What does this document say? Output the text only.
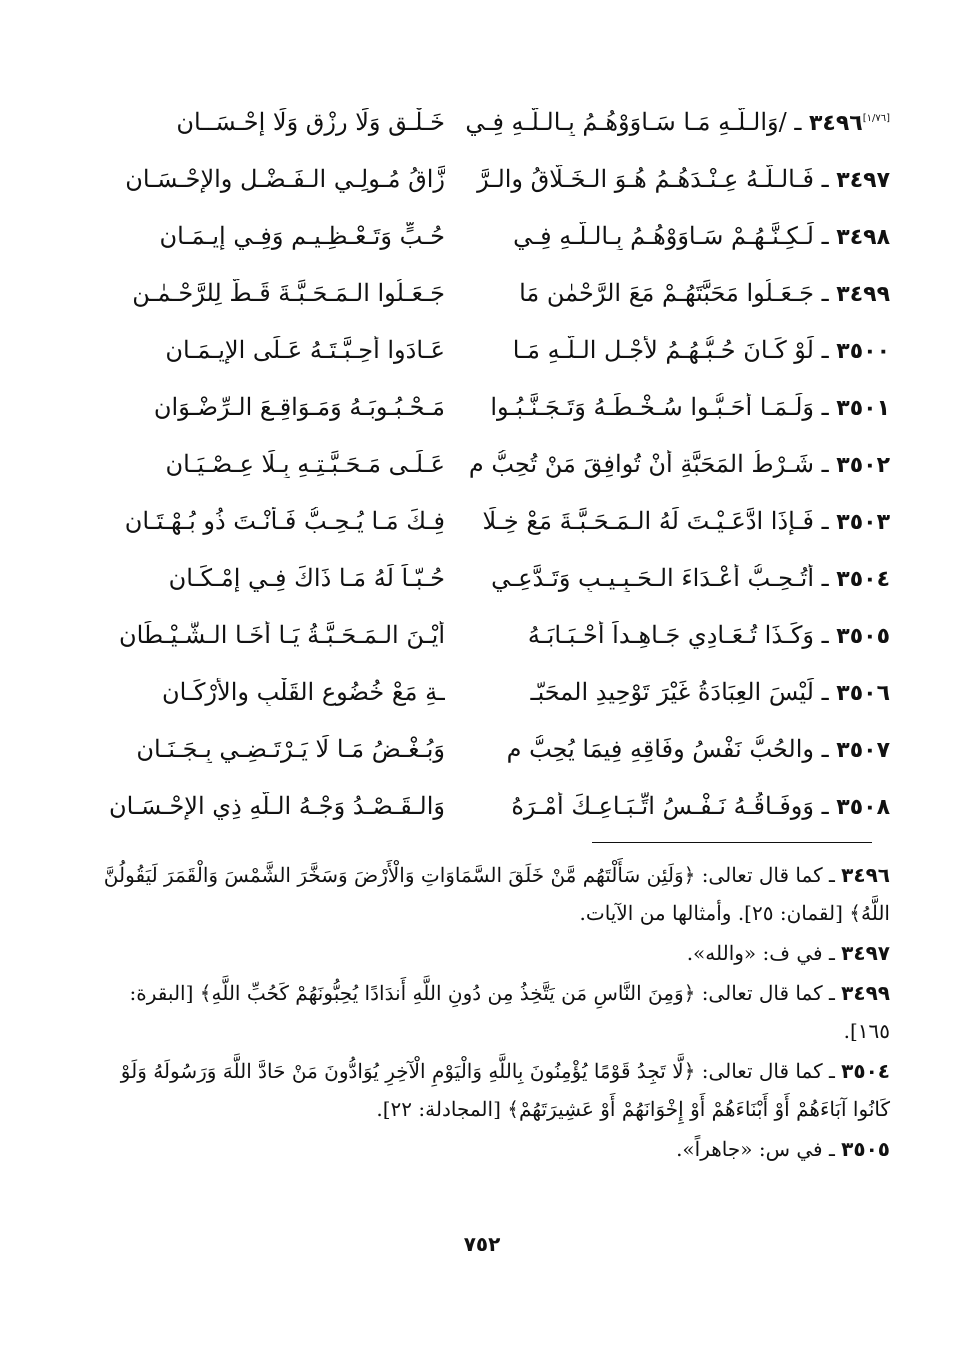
[١/٧٦]٣٤٩٦ ـ /وَالـلَّـهِ مَـا سَـاوَوْهُـمُ بِـالـلَّـهِ فِـي
خَـلْـقٍ وَلَا رِزْقٍ وَلَا إِحْـسَــانِ
٣٤٩٧ ـ فَـالـلَّـهُ عِـنْـدَهُـمُ هُـوَ الـخَـلَّاقُ والـرَّ
زَّاقُ مُـولِـي الـفَـضْـلِ والإِحْـسَـانِ
٣٤٩٨ ـ لَـكِـنَّـهُـمْ سَـاوَوْهُـمُ بِـالـلَّـهِ فِـي
حُـبٍّ وَتَـعْـظِـيـمٍ وَفِـي إِيـمَـانِ
٣٤٩٩ ـ جَـعَـلُوا مَحَبَّتَهُـمْ مَعَ الرَّحْمٰنِ مَا
جَـعَـلُوا الـمَـحَـبَّـةَ قَـطُّ لِلرَّحْـمٰـنِ
٣٥٠٠ ـ لَوْ كَـانَ حُـبُّـهُـمُ لأَجْـلِ الـلَّـهِ مَـا
عَـادَوا أَحِـبَّـتَـهُ عَـلَى الإِيـمَـانِ
٣٥٠١ ـ وَلَـمَـا أَحَـبُّـوا سُـخْـطَـهُ وَتَـجَـنَّـبُـوا
مَـحْـبُـوبَـهُ وَمَـوَاقِـعَ الـرِّضْـوَانِ
٣٥٠٢ ـ شَـرْطُ المَحَبَّةِ أَنْ تُوافِقَ مَنْ تُحِبُّ م
عَـلَـى مَـحَـبَّـتِـهِ بِـلَا عِـصْـيَـانِ
٣٥٠٣ ـ فَـإِذَا ادَّعَـيْـتَ لَهُ الـمَـحَـبَّـةَ مَعْ خِـلَا
فِـكَ مَـا يُـحِـبُّ فَـأَنْـتَ ذُو بُـهْـتَـانِ
٣٥٠٤ ـ أَتُـحِـبُّ أَعْـدَاءَ الـحَـبِـيـبِ وَتَـدَّعِـي
حُـبّـاً لَهُ مَـا ذَاكَ فِـي إِمْـكَـانِ
٣٥٠٥ ـ وَكَـذَا تُـعَـادِي جَـاهِـداً أَحْـبَـابَـهُ
أَيْـنَ الـمَـحَـبَّـةُ يَـا أَخَـا الـشَّـيْـطَانِ
٣٥٠٦ ـ لَيْسَ العِبَادَةُ غَيْرَ تَوْحِيدِ المحَبّـ
ـةِ مَعْ خُضُوعِ القَلْبِ والأَرْكَـانِ
٣٥٠٧ ـ والحُبُّ نَفْسُ وِفَاقِهِ فِيمَا يُحِبُّ م
وَبُـغْـضُ مَـا لَا يَـرْتَـضِـي بِـجَـنَـانِ
٣٥٠٨ ـ وَوِفَـاقُـهُ نَـفْـسُ اتِّـبَـاعِـكَ أَمْـرَهُ
وَالـقَـصْـدُ وَجْـهُ الـلَّهِ ذِي الإِحْـسَـانِ

٣٤٩٦ ـ كما قال تعالى: ﴿وَلَئِن سَأَلْتَهُم مَّنْ خَلَقَ السَّمَاوَاتِ وَالْأَرْضَ وَسَخَّرَ الشَّمْسَ وَالْقَمَرَ لَيَقُولُنَّ اللَّهُ﴾ [لقمان: ٢٥]. وأمثالها من الآيات.

٣٤٩٧ ـ في ف: «والله».

٣٤٩٩ ـ كما قال تعالى: ﴿وَمِنَ النَّاسِ مَن يَتَّخِذُ مِن دُونِ اللَّهِ أَندَادًا يُحِبُّونَهُمْ كَحُبِّ اللَّهِ﴾ [البقرة: ١٦٥].

٣٥٠٤ ـ كما قال تعالى: ﴿لَّا تَجِدُ قَوْمًا يُؤْمِنُونَ بِاللَّهِ وَالْيَوْمِ الْآخِرِ يُوَادُّونَ مَنْ حَادَّ اللَّهَ وَرَسُولَهُ وَلَوْ كَانُوا آبَاءَهُمْ أَوْ أَبْنَاءَهُمْ أَوْ إِخْوَانَهُمْ أَوْ عَشِيرَتَهُمْ﴾ [المجادلة: ٢٢].

٣٥٠٥ ـ في س: «جاهراً».

٧٥٢
